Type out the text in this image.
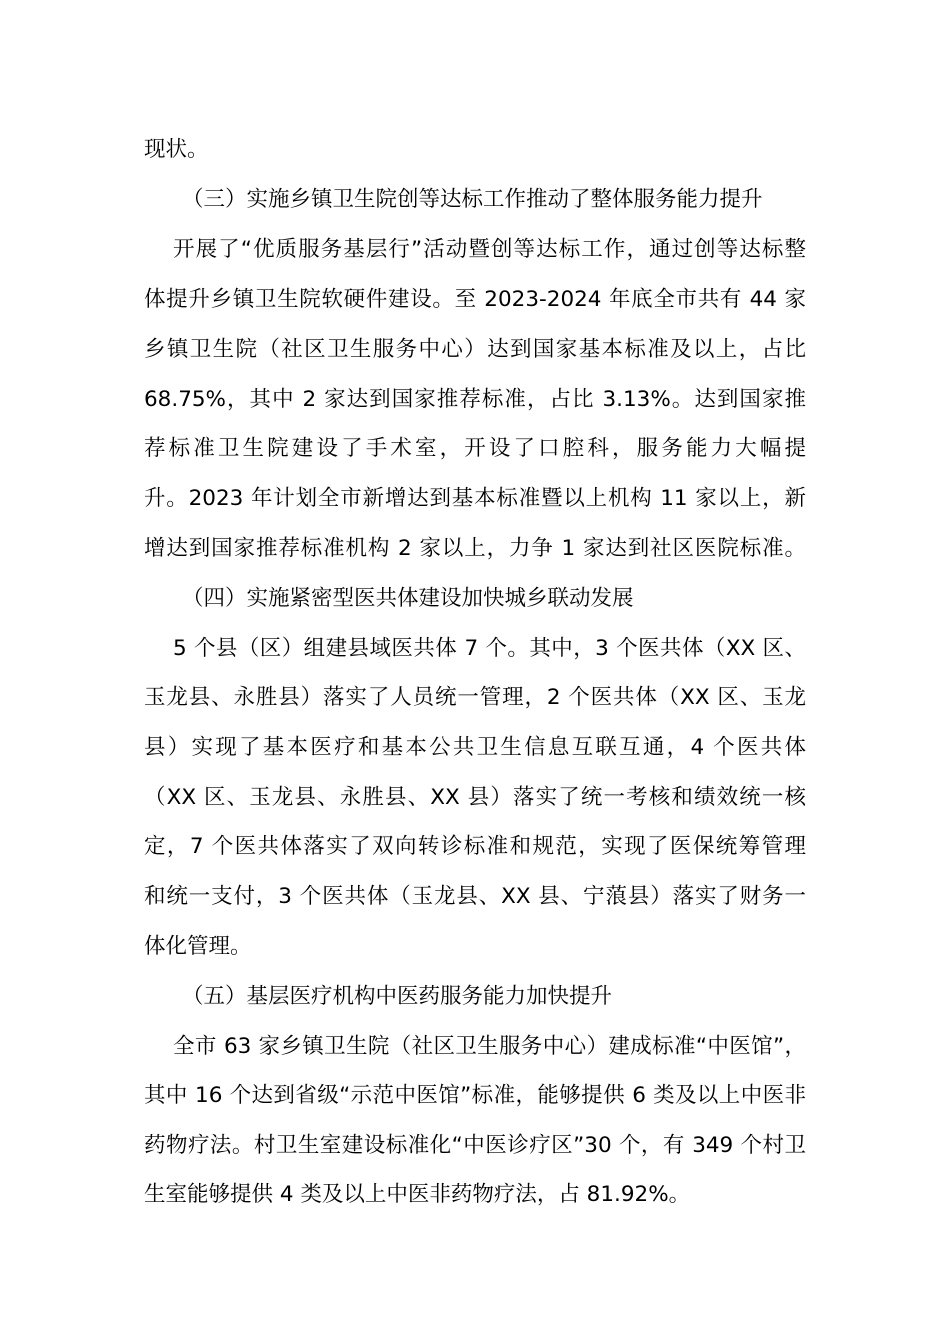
现状。
（三）实施乡镇卫生院创等达标工作推动了整体服务能力提升
开展了“优质服务基层行”活动暨创等达标工作，通过创等达标整
体提升乡镇卫生院软硬件建设。至 2023-2024 年底全市共有 44 家
乡镇卫生院（社区卫生服务中心）达到国家基本标准及以上，占比
68.75%，其中 2 家达到国家推荐标准，占比 3.13%。达到国家推
荐标准卫生院建设了手术室，开设了口腔科，服务能力大幅提
升。2023 年计划全市新增达到基本标准暨以上机构 11 家以上，新
增达到国家推荐标准机构 2 家以上，力争 1 家达到社区医院标准。
（四）实施紧密型医共体建设加快城乡联动发展
5 个县（区）组建县域医共体 7 个。其中，3 个医共体（XX 区、
玉龙县、永胜县）落实了人员统一管理，2 个医共体（XX 区、玉龙
县）实现了基本医疗和基本公共卫生信息互联互通，4 个医共体
（XX 区、玉龙县、永胜县、XX 县）落实了统一考核和绩效统一核
定，7 个医共体落实了双向转诊标准和规范，实现了医保统筹管理
和统一支付，3 个医共体（玉龙县、XX 县、宁蒗县）落实了财务一
体化管理。
（五）基层医疗机构中医药服务能力加快提升
全市 63 家乡镇卫生院（社区卫生服务中心）建成标准“中医馆”，
其中 16 个达到省级“示范中医馆”标准，能够提供 6 类及以上中医非
药物疗法。村卫生室建设标准化“中医诊疗区”30 个，有 349 个村卫
生室能够提供 4 类及以上中医非药物疗法，占 81.92%。
